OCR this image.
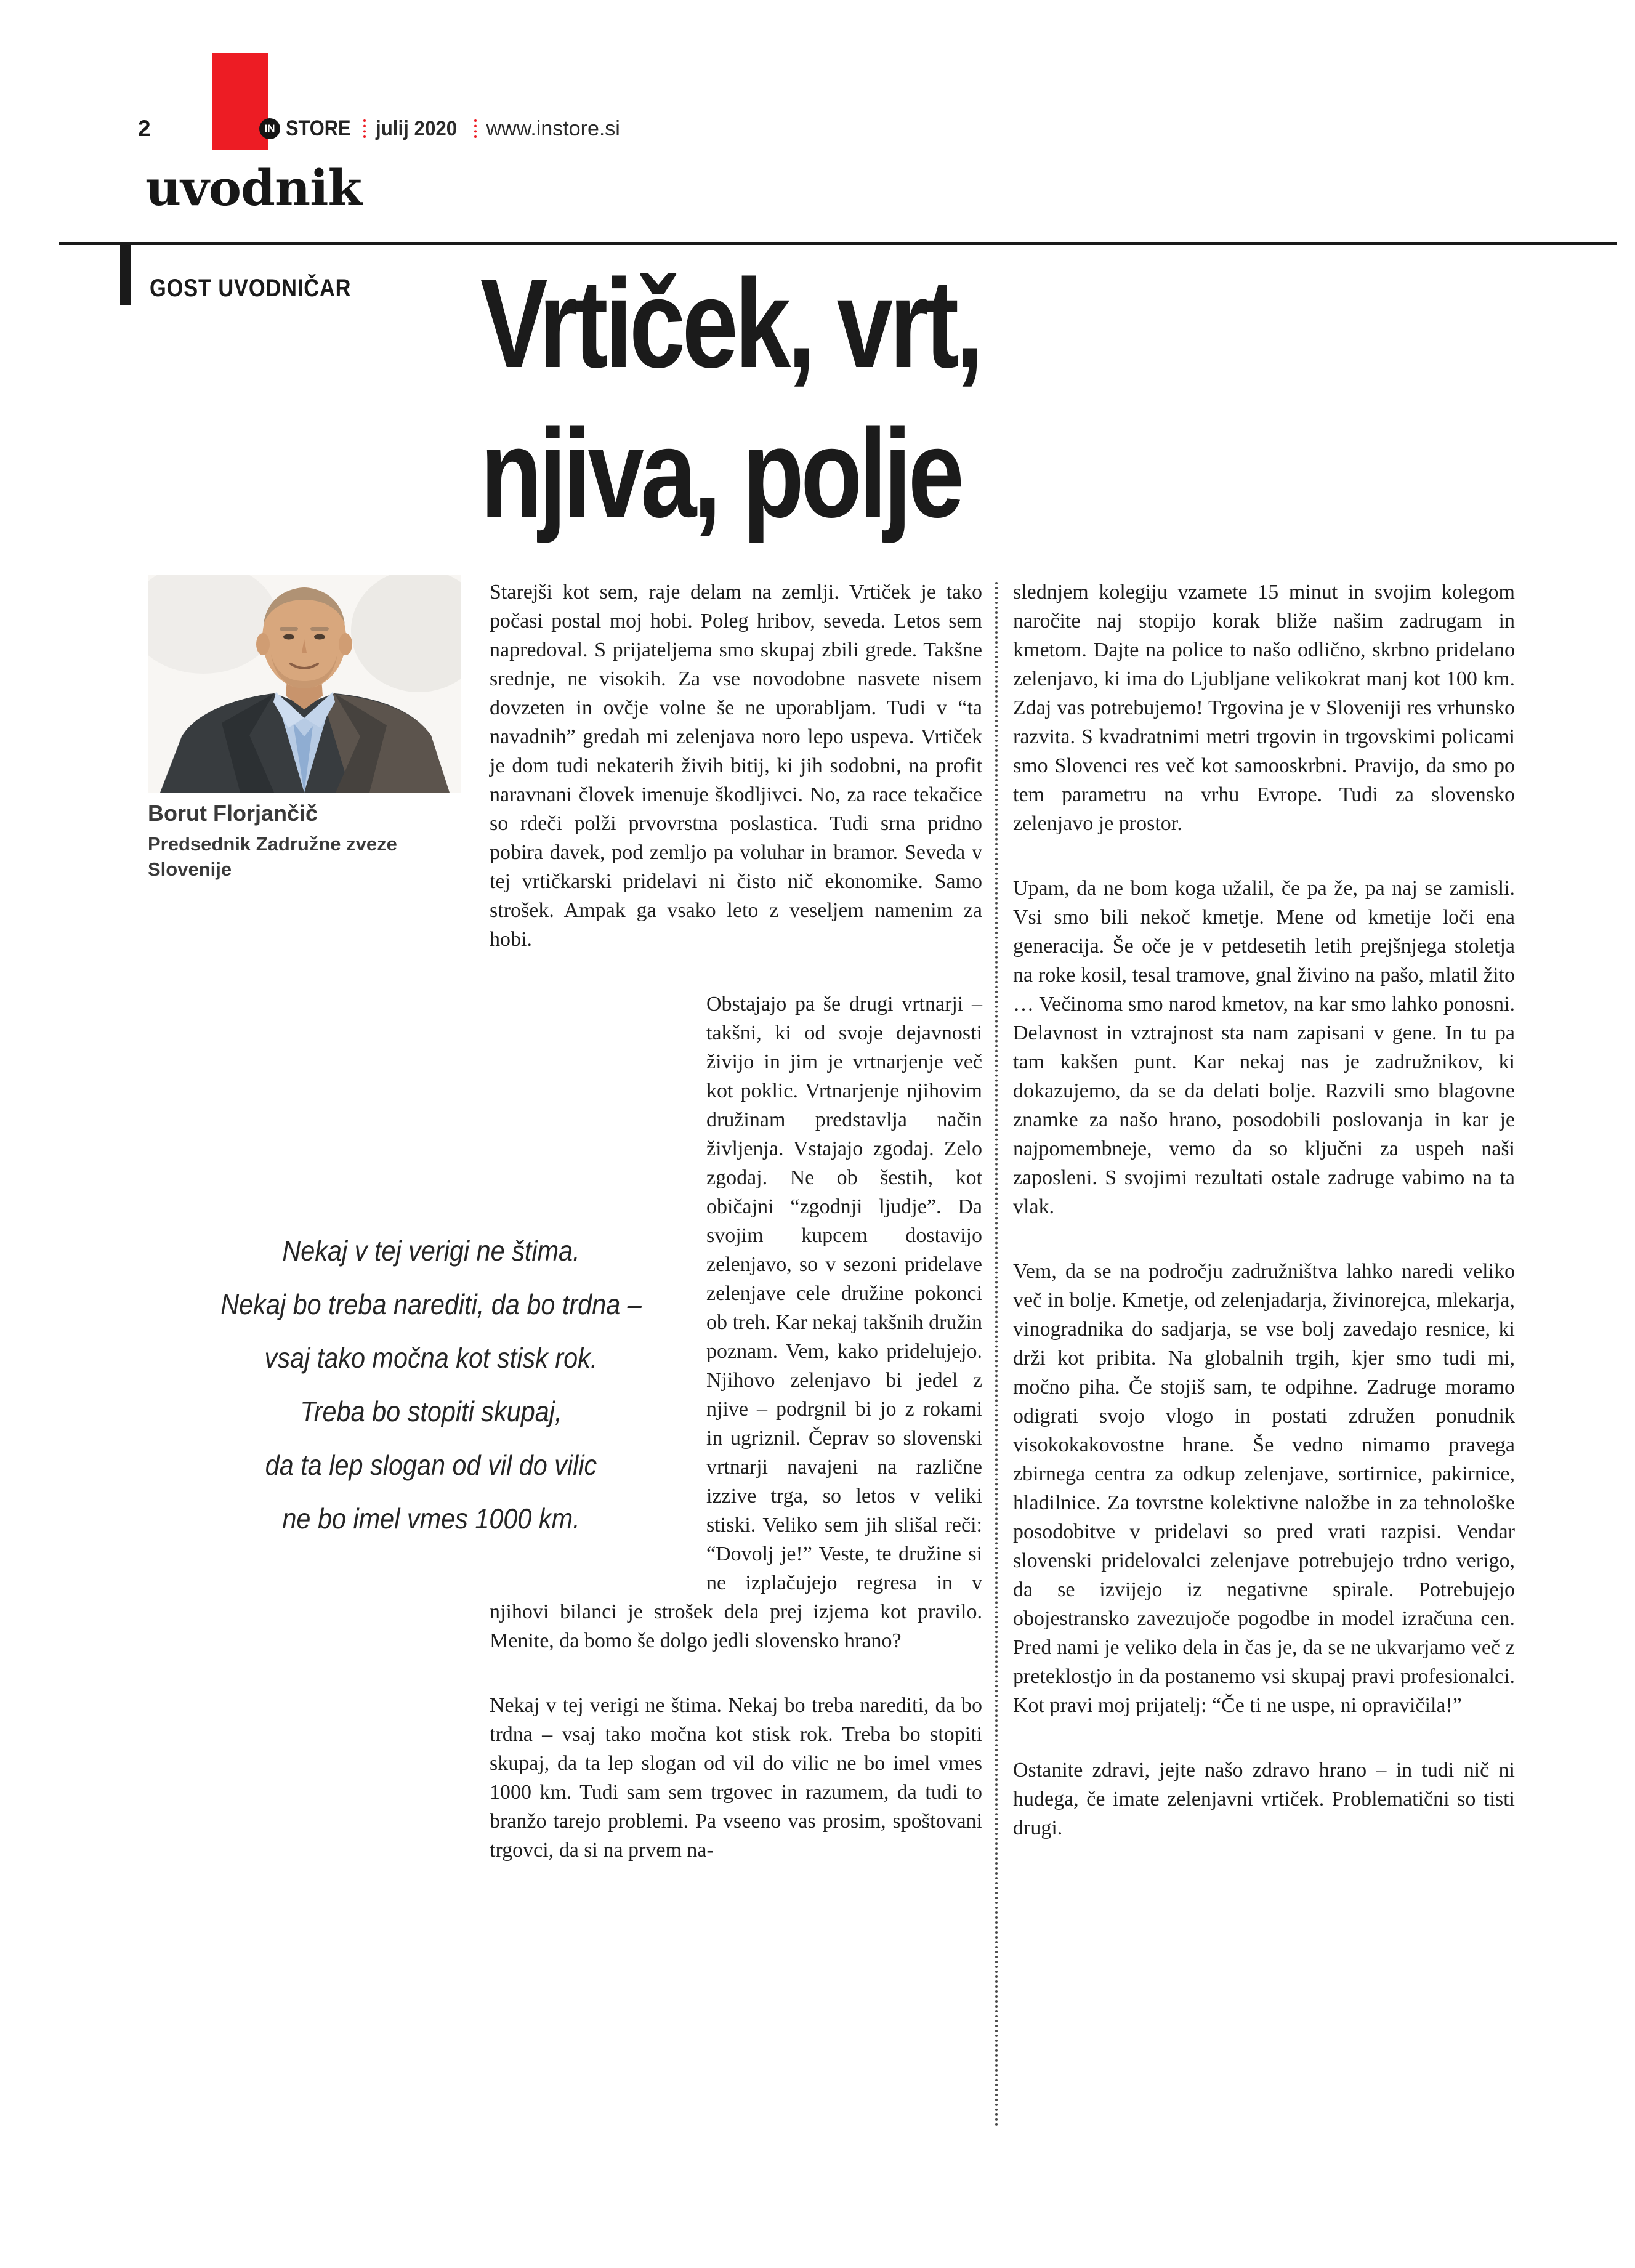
2	IN STORE julij 2020 www.instore.si
uvodnik
GOST UVODNIČAR Vrtiček, vrt,
njiva, polje
Borut Florjančič
Predsednik Zadružne zveze
Slovenije
Nekaj v tej verigi ne štima.
Nekaj bo treba narediti, da bo trdna –
vsaj tako močna kot stisk rok.
Treba bo stopiti skupaj,
da ta lep slogan od vil do vilic
ne bo imel vmes 1000 km.

Starejši kot sem, raje delam na zemlji. Vrtiček je tako počasi postal moj hobi. Poleg hribov, seveda. Letos sem napredoval. S prijateljema smo skupaj zbili grede. Takšne srednje, ne visokih. Za vse novodobne nasvete nisem dovzeten in ovčje volne še ne uporabljam. Tudi v “ta navadnih” gredah mi zelenjava noro lepo uspeva. Vrtiček je dom tudi nekaterih živih bitij, ki jih sodobni, na profit naravnani človek imenuje škodljivci. No, za race tekačice so rdeči polži prvovrstna poslastica. Tudi srna pridno pobira davek, pod zemljo pa voluhar in bramor. Seveda v tej vrtičkarski pridelavi ni čisto nič ekonomike. Samo strošek. Ampak ga vsako leto z veseljem namenim za hobi.

Obstajajo pa še drugi vrtnarji – takšni, ki od svoje dejavnosti živijo in jim je vrtnarjenje več kot poklic. Vrtnarjenje njihovim družinam predstavlja način življenja. Vstajajo zgodaj. Zelo zgodaj. Ne ob šestih, kot običajni “zgodnji ljudje”. Da svojim kupcem dostavijo zelenjavo, so v sezoni pridelave zelenjave cele družine pokonci ob treh. Kar nekaj takšnih družin poznam. Vem, kako pridelujejo. Njihovo zelenjavo bi jedel z njive – podrgnil bi jo z rokami in ugriznil. Čeprav so slovenski vrtnarji navajeni na različne izzive trga, so letos v veliki stiski. Veliko sem jih slišal reči: “Dovolj je!” Veste, te družine si ne izplačujejo regresa in v njihovi bilanci je strošek dela prej izjema kot pravilo. Menite, da bomo še dolgo jedli slovensko hrano?

Nekaj v tej verigi ne štima. Nekaj bo treba narediti, da bo trdna – vsaj tako močna kot stisk rok. Treba bo stopiti skupaj, da ta lep slogan od vil do vilic ne bo imel vmes 1000 km. Tudi sam sem trgovec in razumem, da tudi to branžo tarejo problemi. Pa vseeno vas prosim, spoštovani trgovci, da si na prvem na-

slednjem kolegiju vzamete 15 minut in svojim kolegom naročite naj stopijo korak bliže našim zadrugam in kmetom. Dajte na police to našo odlično, skrbno pridelano zelenjavo, ki ima do Ljubljane velikokrat manj kot 100 km. Zdaj vas potrebujemo! Trgovina je v Sloveniji res vrhunsko razvita. S kvadratnimi metri trgovin in trgovskimi policami smo Slovenci res več kot samooskrbni. Pravijo, da smo po tem parametru na vrhu Evrope. Tudi za slovensko zelenjavo je prostor.

Upam, da ne bom koga užalil, če pa že, pa naj se zamisli. Vsi smo bili nekoč kmetje. Mene od kmetije loči ena generacija. Še oče je v petdesetih letih prejšnjega stoletja na roke kosil, tesal tramove, gnal živino na pašo, mlatil žito … Večinoma smo narod kmetov, na kar smo lahko ponosni. Delavnost in vztrajnost sta nam zapisani v gene. In tu pa tam kakšen punt. Kar nekaj nas je zadružnikov, ki dokazujemo, da se da delati bolje. Razvili smo blagovne znamke za našo hrano, posodobili poslovanja in kar je najpomembneje, vemo da so ključni za uspeh naši zaposleni. S svojimi rezultati ostale zadruge vabimo na ta vlak.

Vem, da se na področju zadružništva lahko naredi veliko več in bolje. Kmetje, od zelenjadarja, živinorejca, mlekarja, vinogradnika do sadjarja, se vse bolj zavedajo resnice, ki drži kot pribita. Na globalnih trgih, kjer smo tudi mi, močno piha. Če stojiš sam, te odpihne. Zadruge moramo odigrati svojo vlogo in postati združen ponudnik visokokakovostne hrane. Še vedno nimamo pravega zbirnega centra za odkup zelenjave, sortirnice, pakirnice, hladilnice. Za tovrstne kolektivne naložbe in za tehnološke posodobitve v pridelavi so pred vrati razpisi. Vendar slovenski pridelovalci zelenjave potrebujejo trdno verigo, da se izvijejo iz negativne spirale. Potrebujejo obojestransko zavezujoče pogodbe in model izračuna cen. Pred nami je veliko dela in čas je, da se ne ukvarjamo več z preteklostjo in da postanemo vsi skupaj pravi profesionalci. Kot pravi moj prijatelj: “Če ti ne uspe, ni opravičila!”

Ostanite zdravi, jejte našo zdravo hrano – in tudi nič ni hudega, če imate zelenjavni vrtiček. Problematični so tisti drugi.
